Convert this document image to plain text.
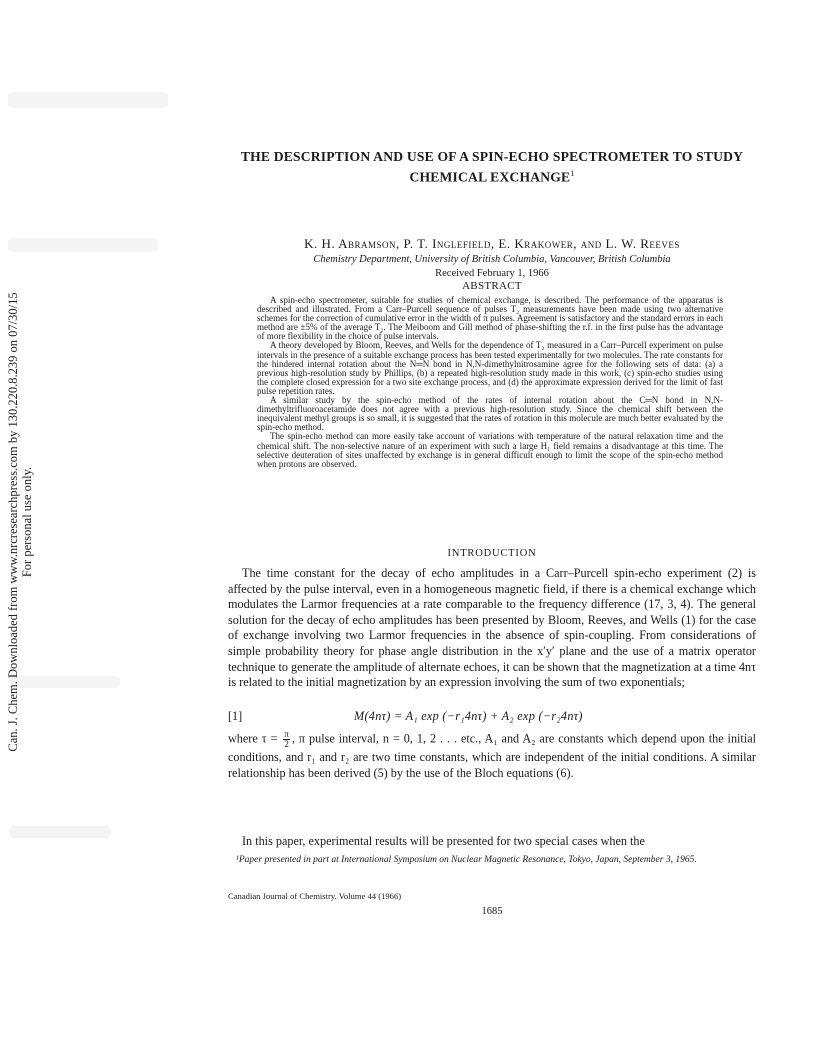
Can. J. Chem. Downloaded from www.nrcresearchpress.com by 130.220.8.239 on 07/30/15 For personal use only.
THE DESCRIPTION AND USE OF A SPIN-ECHO SPECTROMETER TO STUDY
CHEMICAL EXCHANGE$^1$
K. H. Abramson, P. T. Inglefield, E. Krakower, and L. W. Reeves
Chemistry Department, University of British Columbia, Vancouver, British Columbia
Received February 1, 1966
ABSTRACT

A spin-echo spectrometer, suitable for studies of chemical exchange, is described. The performance of the apparatus is described and illustrated. From a Carr–Purcell sequence of pulses T₂ measurements have been made using two alternative schemes for the correction of cumulative error in the width of π pulses. Agreement is satisfactory and the standard errors in each method are ±5% of the average T₂. The Meiboom and Gill method of phase-shifting the r.f. in the first pulse has the advantage of more flexibility in the choice of pulse intervals.

A theory developed by Bloom, Reeves, and Wells for the dependence of T₂ measured in a Carr–Purcell experiment on pulse intervals in the presence of a suitable exchange process has been tested experimentally for two molecules. The rate constants for the hindered internal rotation about the N═N bond in N,N-dimethylnitrosamine agree for the following sets of data: (a) a previous high-resolution study by Phillips, (b) a repeated high-resolution study made in this work, (c) spin-echo studies using the complete closed expression for a two site exchange process, and (d) the approximate expression derived for the limit of fast pulse repetition rates.

A similar study by the spin-echo method of the rates of internal rotation about the C═N bond in N,N-dimethyltrifluoroacetamide does not agree with a previous high-resolution study. Since the chemical shift between the inequivalent methyl groups is so small, it is suggested that the rates of rotation in this molecule are much better evaluated by the spin-echo method.

The spin-echo method can more easily take account of variations with temperature of the natural relaxation time and the chemical shift. The non-selective nature of an experiment with such a large H₁ field remains a disadvantage at this time. The selective deuteration of sites unaffected by exchange is in general difficult enough to limit the scope of the spin-echo method when protons are observed.

INTRODUCTION

The time constant for the decay of echo amplitudes in a Carr–Purcell spin-echo experiment (2) is affected by the pulse interval, even in a homogeneous magnetic field, if there is a chemical exchange which modulates the Larmor frequencies at a rate comparable to the frequency difference (17, 3, 4). The general solution for the decay of echo amplitudes has been presented by Bloom, Reeves, and Wells (1) for the case of exchange involving two Larmor frequencies in the absence of spin-coupling. From considerations of simple probability theory for phase angle distribution in the x′y′ plane and the use of a matrix operator technique to generate the amplitude of alternate echoes, it can be shown that the magnetization at a time 4nτ is related to the initial magnetization by an expression involving the sum of two exponentials;

[1]	M(4nτ) = A₁ exp (−r₁4nτ) + A₂ exp (−r₂4nτ)

where $\tau = \frac{\pi}{2}$ , π pulse interval, n = 0, 1, 2 . . . etc., A₁ and A₂ are constants which depend upon the initial conditions, and r₁ and r₂ are two time constants, which are independent of the initial conditions. A similar relationship has been derived (5) by the use of the Bloch equations (6).

In this paper, experimental results will be presented for two special cases when the

¹Paper presented in part at International Symposium on Nuclear Magnetic Resonance, Tokyo, Japan, September 3, 1965.
Canadian Journal of Chemistry. Volume 44 (1966)
1685
